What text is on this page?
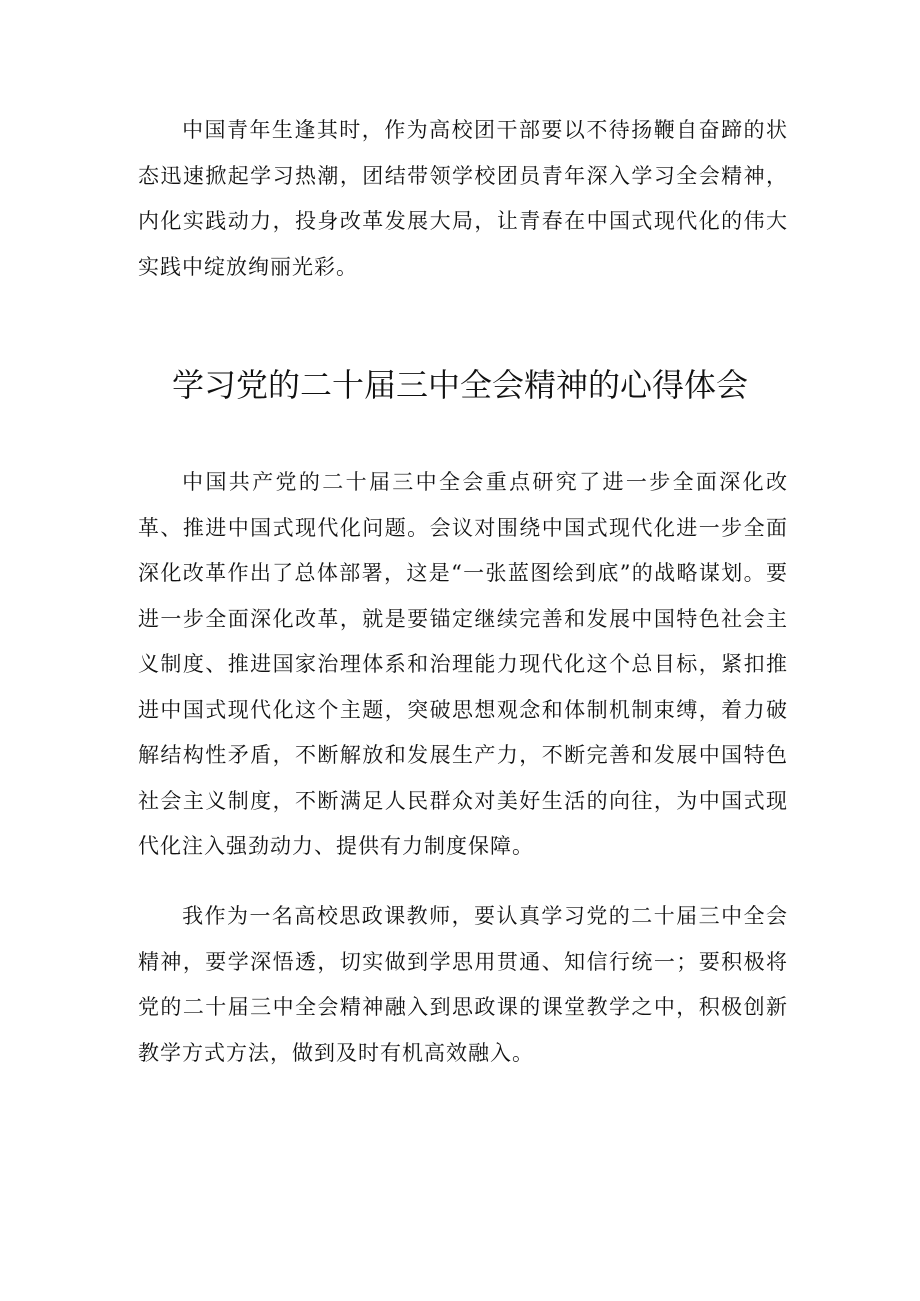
中国青年生逢其时，作为高校团干部要以不待扬鞭自奋蹄的状态迅速掀起学习热潮，团结带领学校团员青年深入学习全会精神，内化实践动力，投身改革发展大局，让青春在中国式现代化的伟大实践中绽放绚丽光彩。

学习党的二十届三中全会精神的心得体会

中国共产党的二十届三中全会重点研究了进一步全面深化改革、推进中国式现代化问题。会议对围绕中国式现代化进一步全面深化改革作出了总体部署，这是“一张蓝图绘到底”的战略谋划。要进一步全面深化改革，就是要锚定继续完善和发展中国特色社会主义制度、推进国家治理体系和治理能力现代化这个总目标，紧扣推进中国式现代化这个主题，突破思想观念和体制机制束缚，着力破解结构性矛盾，不断解放和发展生产力，不断完善和发展中国特色社会主义制度，不断满足人民群众对美好生活的向往，为中国式现代化注入强劲动力、提供有力制度保障。

我作为一名高校思政课教师，要认真学习党的二十届三中全会精神，要学深悟透，切实做到学思用贯通、知信行统一；要积极将党的二十届三中全会精神融入到思政课的课堂教学之中，积极创新教学方式方法，做到及时有机高效融入。
